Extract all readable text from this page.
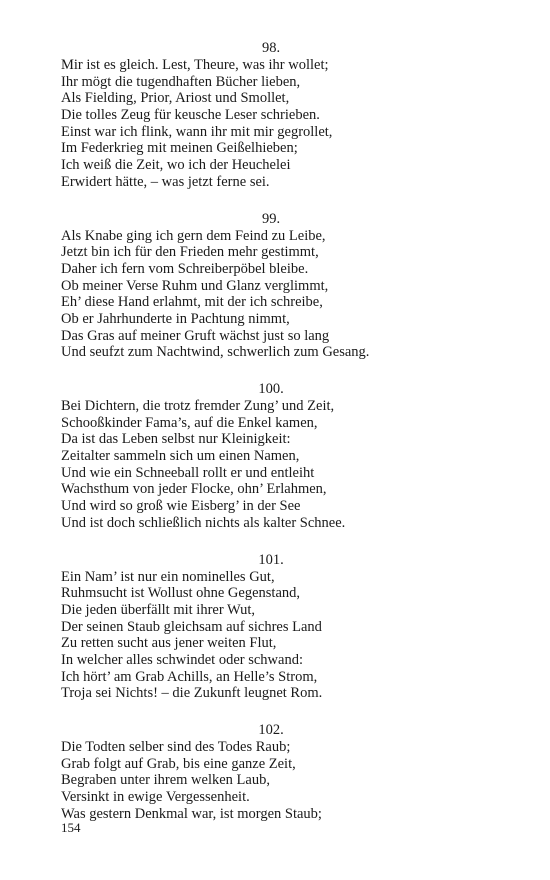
98.
Mir ist es gleich. Lest, Theure, was ihr wollet;
Ihr mögt die tugendhaften Bücher lieben,
Als Fielding, Prior, Ariost und Smollet,
Die tolles Zeug für keusche Leser schrieben.
Einst war ich flink, wann ihr mit mir gegrollet,
Im Federkrieg mit meinen Geißelhieben;
Ich weiß die Zeit, wo ich der Heuchelei
Erwidert hätte, – was jetzt ferne sei.
99.
Als Knabe ging ich gern dem Feind zu Leibe,
Jetzt bin ich für den Frieden mehr gestimmt,
Daher ich fern vom Schreiberpöbel bleibe.
Ob meiner Verse Ruhm und Glanz verglimmt,
Eh’ diese Hand erlahmt, mit der ich schreibe,
Ob er Jahrhunderte in Pachtung nimmt,
Das Gras auf meiner Gruft wächst just so lang
Und seufzt zum Nachtwind, schwerlich zum Gesang.
100.
Bei Dichtern, die trotz fremder Zung’ und Zeit,
Schooßkinder Fama’s, auf die Enkel kamen,
Da ist das Leben selbst nur Kleinigkeit:
Zeitalter sammeln sich um einen Namen,
Und wie ein Schneeball rollt er und entleiht
Wachsthum von jeder Flocke, ohn’ Erlahmen,
Und wird so groß wie Eisberg’ in der See
Und ist doch schließlich nichts als kalter Schnee.
101.
Ein Nam’ ist nur ein nominelles Gut,
Ruhmsucht ist Wollust ohne Gegenstand,
Die jeden überfällt mit ihrer Wut,
Der seinen Staub gleichsam auf sichres Land
Zu retten sucht aus jener weiten Flut,
In welcher alles schwindet oder schwand:
Ich hört’ am Grab Achills, an Helle’s Strom,
Troja sei Nichts! – die Zukunft leugnet Rom.
102.
Die Todten selber sind des Todes Raub;
Grab folgt auf Grab, bis eine ganze Zeit,
Begraben unter ihrem welken Laub,
Versinkt in ewige Vergessenheit.
Was gestern Denkmal war, ist morgen Staub;
154
